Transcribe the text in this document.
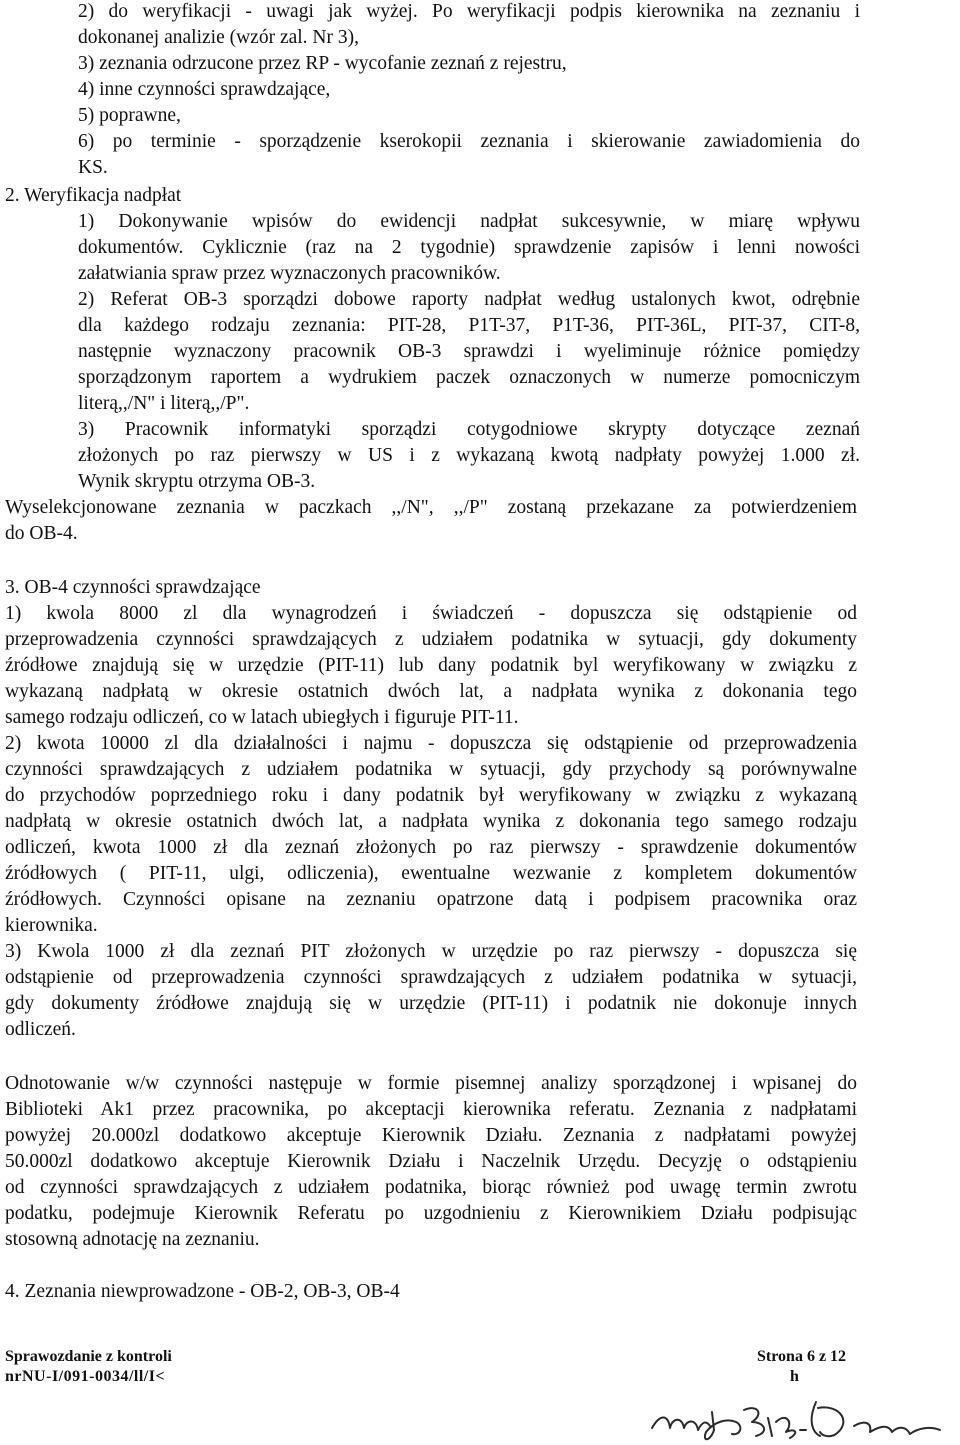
2) do weryfikacji - uwagi jak wyżej. Po weryfikacji podpis kierownika na zeznaniu i
dokonanej analizie (wzór zal. Nr 3),
3) zeznania odrzucone przez RP - wycofanie zeznań z rejestru,
4) inne czynności sprawdzające,
5) poprawne,
6) po terminie - sporządzenie kserokopii zeznania i skierowanie zawiadomienia do
KS.
2. Weryfikacja nadpłat
1) Dokonywanie wpisów do ewidencji nadpłat sukcesywnie, w miarę wpływu
dokumentów. Cyklicznie (raz na 2 tygodnie) sprawdzenie zapisów i lenni nowości
załatwiania spraw przez wyznaczonych pracowników.
2) Referat OB-3 sporządzi dobowe raporty nadpłat według ustalonych kwot, odrębnie
dla każdego rodzaju zeznania: PIT-28, P1T-37, P1T-36, PIT-36L, PIT-37, CIT-8,
następnie wyznaczony pracownik OB-3 sprawdzi i wyeliminuje różnice pomiędzy
sporządzonym raportem a wydrukiem paczek oznaczonych w numerze pomocniczym
literą,,/N" i literą,,/P".
3) Pracownik informatyki sporządzi cotygodniowe skrypty dotyczące zeznań
złożonych po raz pierwszy w US i z wykazaną kwotą nadpłaty powyżej 1.000 zł.
Wynik skryptu otrzyma OB-3.
Wyselekcjonowane zeznania w paczkach ,,/N", ,,/P" zostaną przekazane za potwierdzeniem
do OB-4.
3. OB-4 czynności sprawdzające
1) kwola 8000 zl dla wynagrodzeń i świadczeń - dopuszcza się odstąpienie od
przeprowadzenia czynności sprawdzających z udziałem podatnika w sytuacji, gdy dokumenty
źródłowe znajdują się w urzędzie (PIT-11) lub dany podatnik byl weryfikowany w związku z
wykazaną nadpłatą w okresie ostatnich dwóch lat, a nadpłata wynika z dokonania tego
samego rodzaju odliczeń, co w latach ubiegłych i figuruje PIT-11.
2) kwota 10000 zl dla działalności i najmu - dopuszcza się odstąpienie od przeprowadzenia
czynności sprawdzających z udziałem podatnika w sytuacji, gdy przychody są porównywalne
do przychodów poprzedniego roku i dany podatnik był weryfikowany w związku z wykazaną
nadpłatą w okresie ostatnich dwóch lat, a nadpłata wynika z dokonania tego samego rodzaju
odliczeń, kwota 1000 zł dla zeznań złożonych po raz pierwszy - sprawdzenie dokumentów
źródłowych ( PIT-11, ulgi, odliczenia), ewentualne wezwanie z kompletem dokumentów
źródłowych. Czynności opisane na zeznaniu opatrzone datą i podpisem pracownika oraz
kierownika.
3) Kwola 1000 zł dla zeznań PIT złożonych w urzędzie po raz pierwszy - dopuszcza się
odstąpienie od przeprowadzenia czynności sprawdzających z udziałem podatnika w sytuacji,
gdy dokumenty źródłowe znajdują się w urzędzie (PIT-11) i podatnik nie dokonuje innych
odliczeń.
Odnotowanie w/w czynności następuje w formie pisemnej analizy sporządzonej i wpisanej do
Biblioteki Ak1 przez pracownika, po akceptacji kierownika referatu. Zeznania z nadpłatami
powyżej 20.000zl dodatkowo akceptuje Kierownik Działu. Zeznania z nadpłatami powyżej
50.000zl dodatkowo akceptuje Kierownik Działu i Naczelnik Urzędu. Decyzję o odstąpieniu
od czynności sprawdzających z udziałem podatnika, biorąc również pod uwagę termin zwrotu
podatku, podejmuje Kierownik Referatu po uzgodnieniu z Kierownikiem Działu podpisując
stosowną adnotację na zeznaniu.
4. Zeznania niewprowadzone - OB-2, OB-3, OB-4
Sprawozdanie z kontroli
nrNU-I/091-0034/ll/I<
Strona 6 z 12
h
